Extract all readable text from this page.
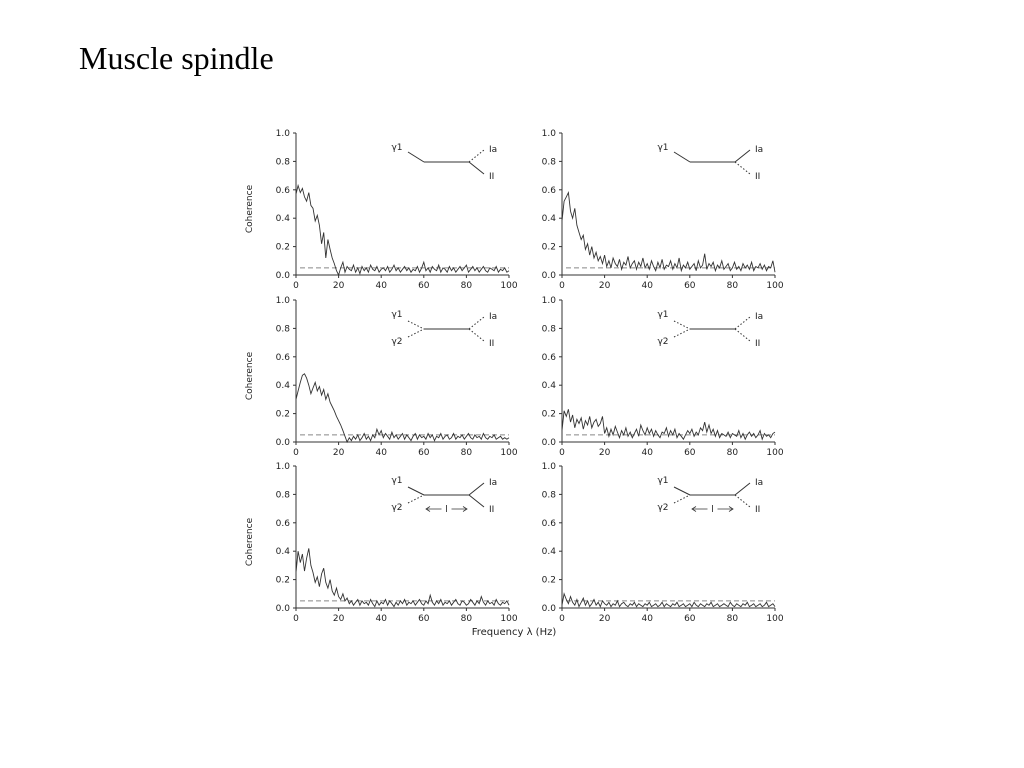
Muscle spindle
0.0
0.2
0.4
0.6
0.8
1.0
0	20	40	60	80	100
Coherence
γ1	Ia
II
0.0
0.2
0.4
0.6
0.8
1.0
0	20	40	60	80	100
γ1	Ia
II
0.0
0.2
0.4
0.6
0.8
1.0
0	20	40	60	80	100
Coherence
γ1
γ2
Ia
II
0.0
0.2
0.4
0.6
0.8
1.0
0	20	40	60	80	100
γ1
γ2
Ia
II
0.0
0.2
0.4
0.6
0.8
1.0
0	20	40	60	80	100
Coherence
γ1
γ2
Ia
II
l
0.0
0.2
0.4
0.6
0.8
1.0
0	20	40	60	80	100
γ1
γ2
Ia
II
l
Frequency λ (Hz)
